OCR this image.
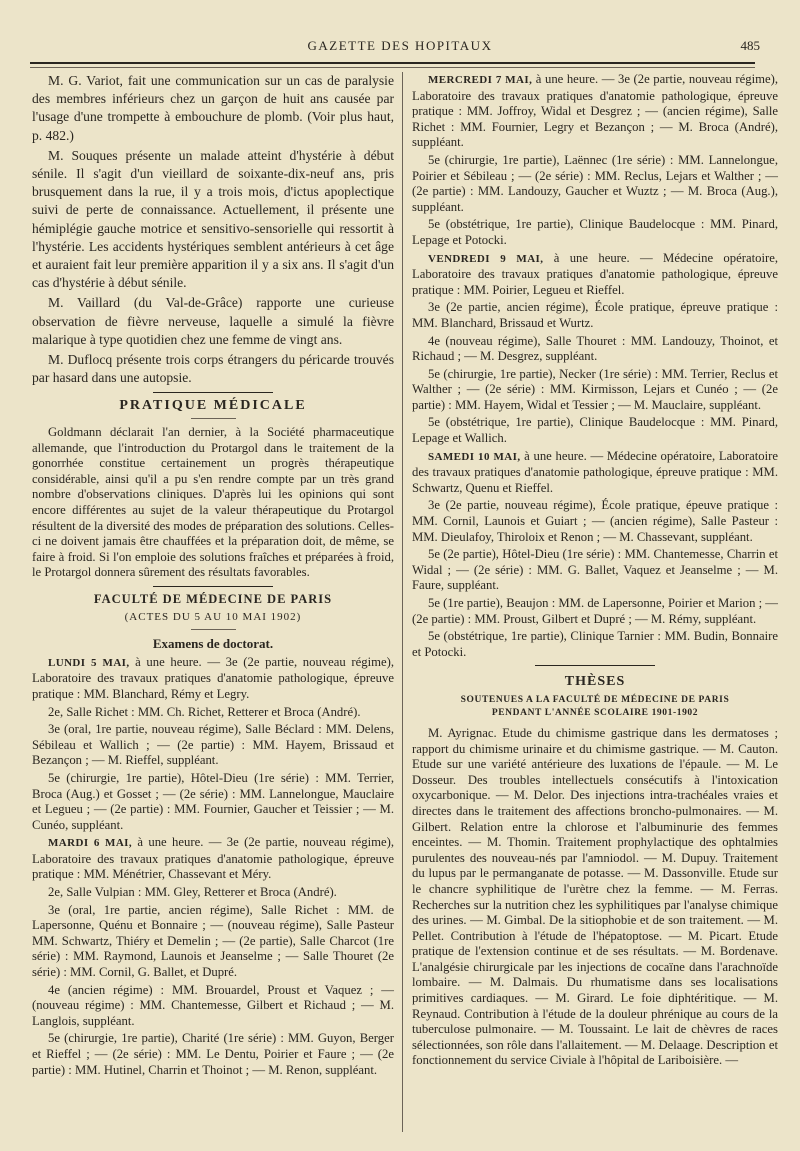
GAZETTE DES HOPITAUX	485

M. G. Variot, fait une communication sur un cas de paralysie des membres inférieurs chez un garçon de huit ans causée par l'usage d'une trompette à embouchure de plomb. (Voir plus haut, p. 482.)

M. Souques présente un malade atteint d'hystérie à début sénile. Il s'agit d'un vieillard de soixante-dix-neuf ans, pris brusquement dans la rue, il y a trois mois, d'ictus apoplectique suivi de perte de connaissance. Actuellement, il présente une hémiplégie gauche motrice et sensitivo-sensorielle qui ressortit à l'hystérie. Les accidents hystériques semblent antérieurs à cet âge et auraient fait leur première apparition il y a six ans. Il s'agit d'un cas d'hystérie à début sénile.

M. Vaillard (du Val-de-Grâce) rapporte une curieuse observation de fièvre nerveuse, laquelle a simulé la fièvre malarique à type quotidien chez une femme de vingt ans.

M. Duflocq présente trois corps étrangers du péricarde trouvés par hasard dans une autopsie.

PRATIQUE MÉDICALE

Goldmann déclarait l'an dernier, à la Société pharmaceutique allemande, que l'introduction du Protargol dans le traitement de la gonorrhée constitue certainement un progrès thérapeutique considérable, ainsi qu'il a pu s'en rendre compte par un très grand nombre d'observations cliniques. D'après lui les opinions qui sont encore différentes au sujet de la valeur thérapeutique du Protargol résultent de la diversité des modes de préparation des solutions. Celles-ci ne doivent jamais être chauffées et la préparation doit, de même, se faire à froid. Si l'on emploie des solutions fraîches et préparées à froid, le Protargol donnera sûrement des résultats favorables.

FACULTÉ DE MÉDECINE DE PARIS
(ACTES DU 5 AU 10 MAI 1902)
Examens de doctorat.

LUNDI 5 MAI, à une heure. — 3e (2e partie, nouveau régime), Laboratoire des travaux pratiques d'anatomie pathologique, épreuve pratique : MM. Blanchard, Rémy et Legry.

2e, Salle Richet : MM. Ch. Richet, Retterer et Broca (André).

3e (oral, 1re partie, nouveau régime), Salle Béclard : MM. Delens, Sébileau et Wallich ; — (2e partie) : MM. Hayem, Brissaud et Bezançon ; — M. Rieffel, suppléant.

5e (chirurgie, 1re partie), Hôtel-Dieu (1re série) : MM. Terrier, Broca (Aug.) et Gosset ; — (2e série) : MM. Lannelongue, Mauclaire et Legueu ; — (2e partie) : MM. Fournier, Gaucher et Teissier ; — M. Cunéo, suppléant.

MARDI 6 MAI, à une heure. — 3e (2e partie, nouveau régime), Laboratoire des travaux pratiques d'anatomie pathologique, épreuve pratique : MM. Ménétrier, Chassevant et Méry.

2e, Salle Vulpian : MM. Gley, Retterer et Broca (André).

3e (oral, 1re partie, ancien régime), Salle Richet : MM. de Lapersonne, Quénu et Bonnaire ; — (nouveau régime), Salle Pasteur MM. Schwartz, Thiéry et Demelin ; — (2e partie), Salle Charcot (1re série) : MM. Raymond, Launois et Jeanselme ; — Salle Thouret (2e série) : MM. Cornil, G. Ballet, et Dupré.

4e (ancien régime) : MM. Brouardel, Proust et Vaquez ; — (nouveau régime) : MM. Chantemesse, Gilbert et Richaud ; — M. Langlois, suppléant.

5e (chirurgie, 1re partie), Charité (1re série) : MM. Guyon, Berger et Rieffel ; — (2e série) : MM. Le Dentu, Poirier et Faure ; — (2e partie) : MM. Hutinel, Charrin et Thoinot ; — M. Renon, suppléant.

MERCREDI 7 MAI, à une heure. — 3e (2e partie, nouveau régime), Laboratoire des travaux pratiques d'anatomie pathologique, épreuve pratique : MM. Joffroy, Widal et Desgrez ; — (ancien régime), Salle Richet : MM. Fournier, Legry et Bezançon ; — M. Broca (André), suppléant.

5e (chirurgie, 1re partie), Laënnec (1re série) : MM. Lannelongue, Poirier et Sébileau ; — (2e série) : MM. Reclus, Lejars et Walther ; — (2e partie) : MM. Landouzy, Gaucher et Wuztz ; — M. Broca (Aug.), suppléant.

5e (obstétrique, 1re partie), Clinique Baudelocque : MM. Pinard, Lepage et Potocki.

VENDREDI 9 MAI, à une heure. — Médecine opératoire, Laboratoire des travaux pratiques d'anatomie pathologique, épreuve pratique : MM. Poirier, Legueu et Rieffel.

3e (2e partie, ancien régime), École pratique, épreuve pratique : MM. Blanchard, Brissaud et Wurtz.

4e (nouveau régime), Salle Thouret : MM. Landouzy, Thoinot, et Richaud ; — M. Desgrez, suppléant.

5e (chirurgie, 1re partie), Necker (1re série) : MM. Terrier, Reclus et Walther ; — (2e série) : MM. Kirmisson, Lejars et Cunéo ; — (2e partie) : MM. Hayem, Widal et Tessier ; — M. Mauclaire, suppléant.

5e (obstétrique, 1re partie), Clinique Baudelocque : MM. Pinard, Lepage et Wallich.

SAMEDI 10 MAI, à une heure. — Médecine opératoire, Laboratoire des travaux pratiques d'anatomie pathologique, épreuve pratique : MM. Schwartz, Quenu et Rieffel.

3e (2e partie, nouveau régime), École pratique, épeuve pratique : MM. Cornil, Launois et Guiart ; — (ancien régime), Salle Pasteur : MM. Dieulafoy, Thiroloix et Renon ; — M. Chassevant, suppléant.

5e (2e partie), Hôtel-Dieu (1re série) : MM. Chantemesse, Charrin et Widal ; — (2e série) : MM. G. Ballet, Vaquez et Jeanselme ; — M. Faure, suppléant.

5e (1re partie), Beaujon : MM. de Lapersonne, Poirier et Marion ; — (2e partie) : MM. Proust, Gilbert et Dupré ; — M. Rémy, suppléant.

5e (obstétrique, 1re partie), Clinique Tarnier : MM. Budin, Bonnaire et Potocki.

THÈSES
SOUTENUES A LA FACULTÉ DE MÉDECINE DE PARIS
PENDANT L'ANNÉE SCOLAIRE 1901-1902

M. Ayrignac. Etude du chimisme gastrique dans les dermatoses ; rapport du chimisme urinaire et du chimisme gastrique. — M. Cauton. Etude sur une variété antérieure des luxations de l'épaule. — M. Le Dosseur. Des troubles intellectuels consécutifs à l'intoxication oxycarbonique. — M. Delor. Des injections intra-trachéales vraies et directes dans le traitement des affections broncho-pulmonaires. — M. Gilbert. Relation entre la chlorose et l'albuminurie des femmes enceintes. — M. Thomin. Traitement prophylactique des ophtalmies purulentes des nouveau-nés par l'amniodol. — M. Dupuy. Traitement du lupus par le permanganate de potasse. — M. Dassonville. Etude sur le chancre syphilitique de l'urètre chez la femme. — M. Ferras. Recherches sur la nutrition chez les syphilitiques par l'analyse chimique des urines. — M. Gimbal. De la sitiophobie et de son traitement. — M. Pellet. Contribution à l'étude de l'hépatoptose. — M. Picart. Etude pratique de l'extension continue et de ses résultats. — M. Bordenave. L'analgésie chirurgicale par les injections de cocaïne dans l'arachnoïde lombaire. — M. Dalmais. Du rhumatisme dans ses localisations primitives cardiaques. — M. Girard. Le foie diphtéritique. — M. Reynaud. Contribution à l'étude de la douleur phrénique au cours de la tuberculose pulmonaire. — M. Toussaint. Le lait de chèvres de races sélectionnées, son rôle dans l'allaitement. — M. Delaage. Description et fonctionnement du service Civiale à l'hôpital de Lariboisière. —
